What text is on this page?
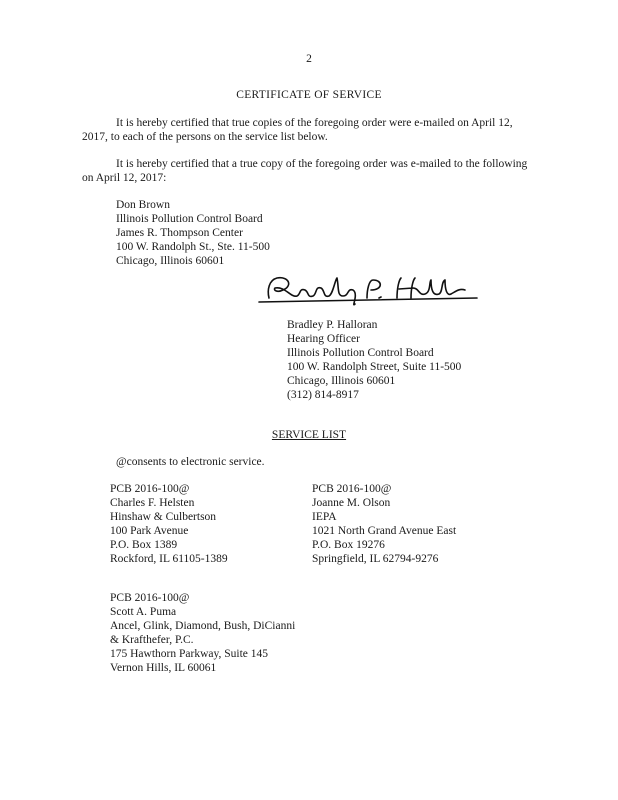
2
CERTIFICATE OF SERVICE
It is hereby certified that true copies of the foregoing order were e-mailed on April 12,
2017, to each of the persons on the service list below.
It is hereby certified that a true copy of the foregoing order was e-mailed to the following
on April 12, 2017:
Don Brown
Illinois Pollution Control Board
James R. Thompson Center
100 W. Randolph St., Ste. 11-500
Chicago, Illinois 60601
Bradley P. Halloran
Hearing Officer
Illinois Pollution Control Board
100 W. Randolph Street, Suite 11-500
Chicago, Illinois 60601
(312) 814-8917
SERVICE LIST
@consents to electronic service.
PCB 2016-100@
Charles F. Helsten
Hinshaw & Culbertson
100 Park Avenue
P.O. Box 1389
Rockford, IL 61105-1389
PCB 2016-100@
Joanne M. Olson
IEPA
1021 North Grand Avenue East
P.O. Box 19276
Springfield, IL 62794-9276
PCB 2016-100@
Scott A. Puma
Ancel, Glink, Diamond, Bush, DiCianni
& Krafthefer, P.C.
175 Hawthorn Parkway, Suite 145
Vernon Hills, IL 60061
